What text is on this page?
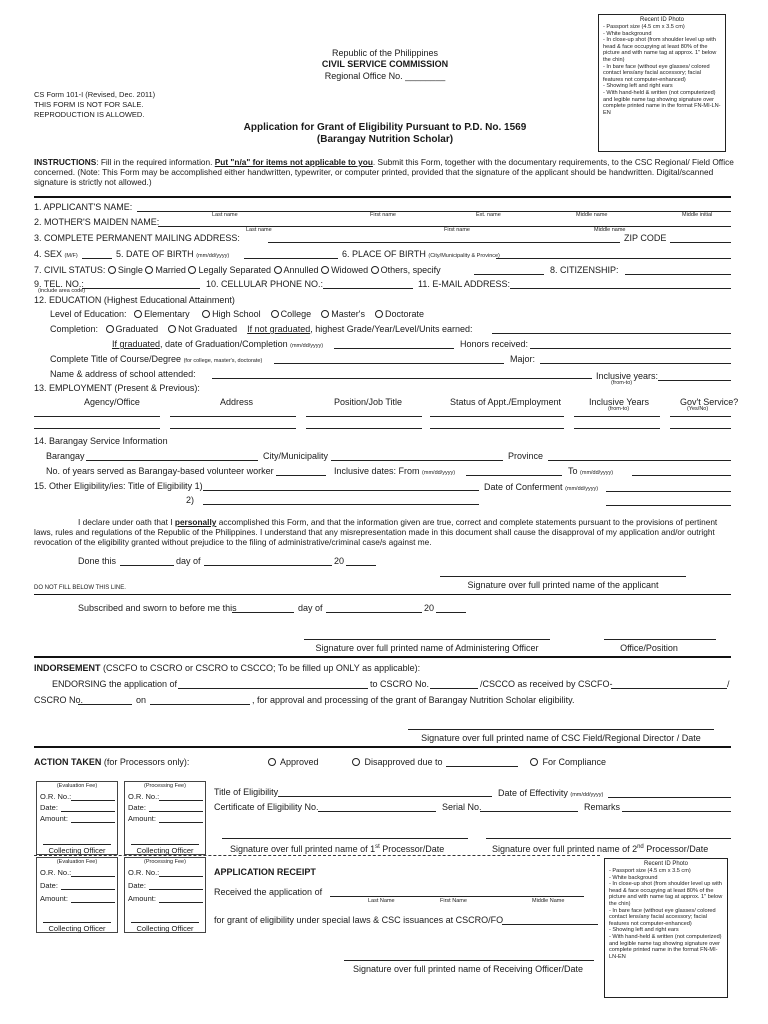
Republic of the Philippines
CIVIL SERVICE COMMISSION
Regional Office No. ________
CS Form 101-I (Revised, Dec. 2011)
THIS FORM IS NOT FOR SALE.
REPRODUCTION IS ALLOWED.
Application for Grant of Eligibility Pursuant to P.D. No. 1569
(Barangay Nutrition Scholar)
Recent ID Photo
- Passport size (4.5 cm x 3.5 cm)
- White background
- In close-up shot (from shoulder level up with head & face occupying at least 80% of the picture and with name tag at approx. 1" below the chin)
- In bare face (without eye glasses/ colored contact lens/any facial accessory; facial features not computer-enhanced)
- Showing left and right ears
- With hand-held & written (not computerized) and legible name tag showing signature over complete printed name in the format FN-MI-LN-EN
INSTRUCTIONS: Fill in the required information. Put "n/a" for items not applicable to you. Submit this Form, together with the documentary requirements, to the CSC Regional/ Field Office concerned. (Note: This Form may be accomplished either handwritten, typewriter, or computer printed, provided that the signature of the applicant should be handwritten. Digital/scanned signature is strictly not allowed.)
1. APPLICANT'S NAME:
Last name	First name	Ext. name	Middle name	Middle initial
2. MOTHER'S MAIDEN NAME:
Last name	First name	Middle name
3. COMPLETE PERMANENT MAILING ADDRESS:	ZIP CODE
4. SEX (M/F)	5. DATE OF BIRTH (mm/dd/yyyy)	6. PLACE OF BIRTH (City/Municipality & Province)
7. CIVIL STATUS: Single Married Legally Separated Annulled Widowed Others, specify	8. CITIZENSHIP:
9. TEL. NO.:
(include area code)
10. CELLULAR PHONE NO.:	11. E-MAIL ADDRESS:
12. EDUCATION (Highest Educational Attainment)
Level of Education: Elementary	High School College Master's Doctorate
Completion: Graduated Not Graduated If not graduated, highest Grade/Year/Level/Units earned:
If graduated, date of Graduation/Completion (mm/dd/yyyy)	Honors received:
Complete Title of Course/Degree (for college, master's, doctorate)	Major:
Name & address of school attended:	Inclusive years:
(from-to)
13. EMPLOYMENT (Present & Previous):
Agency/Office	Address	Position/Job Title	Status of Appt./Employment	Inclusive Years
(from-to)
Gov't Service?
(Yes/No)
14. Barangay Service Information
Barangay	City/Municipality	Province
No. of years served as Barangay-based volunteer worker	Inclusive dates: From (mm/dd/yyyy)	To (mm/dd/yyyy)
15. Other Eligibility/ies: Title of Eligibility 1)	Date of Conferment (mm/dd/yyyy)
2)
I declare under oath that I personally accomplished this Form, and that the information given are true, correct and complete statements pursuant to the provisions of pertinent laws, rules and regulations of the Republic of the Philippines. I understand that any misrepresentation made in this document shall cause the disapproval of my application and/or outright revocation of the eligibility granted without prejudice to the filing of administrative/criminal case/s against me.
Done this	day of	20
Signature over full printed name of the applicant
DO NOT FILL BELOW THIS LINE.
Subscribed and sworn to before me this	day of	20
Signature over full printed name of Administering Officer	Office/Position
INDORSEMENT (CSCFO to CSCRO or CSCRO to CSCCO; To be filled up ONLY as applicable):
ENDORSING the application of	to CSCRO No.	/CSCCO as received by CSCFO-	/
CSCRO No.	on	, for approval and processing of the grant of Barangay Nutrition Scholar eligibility.
Signature over full printed name of CSC Field/Regional Director / Date
ACTION TAKEN (for Processors only):	Approved	Disapproved due to	For Compliance
(Evaluation Fee)
O.R. No.:
Date:
Amount:
Collecting Officer
(Processing Fee)
O.R. No.:
Date:
Amount:
Collecting Officer
Title of Eligibility	Date of Effectivity (mm/dd/yyyy)
Certificate of Eligibility No.	Serial No.	Remarks
Signature over full printed name of 1st Processor/Date	Signature over full printed name of 2nd Processor/Date
(Evaluation Fee)
O.R. No.:
Date:
Amount:
Collecting Officer
(Processing Fee)
O.R. No.:
Date:
Amount:
Collecting Officer
APPLICATION RECEIPT
Received the application of
Last Name	First Name	Middle Name
for grant of eligibility under special laws & CSC issuances at CSCRO/FO
Signature over full printed name of Receiving Officer/Date
Recent ID Photo
- Passport size (4.5 cm x 3.5 cm)
- White background
- In close-up shot (from shoulder level up with head & face occupying at least 80% of the picture and with name tag at approx. 1" below the chin)
- In bare face (without eye glasses/ colored contact lens/any facial accessory; facial features not computer-enhanced)
- Showing left and right ears
- With hand-held & written (not computerized) and legible name tag showing signature over complete printed name in the format FN-MI-LN-EN
